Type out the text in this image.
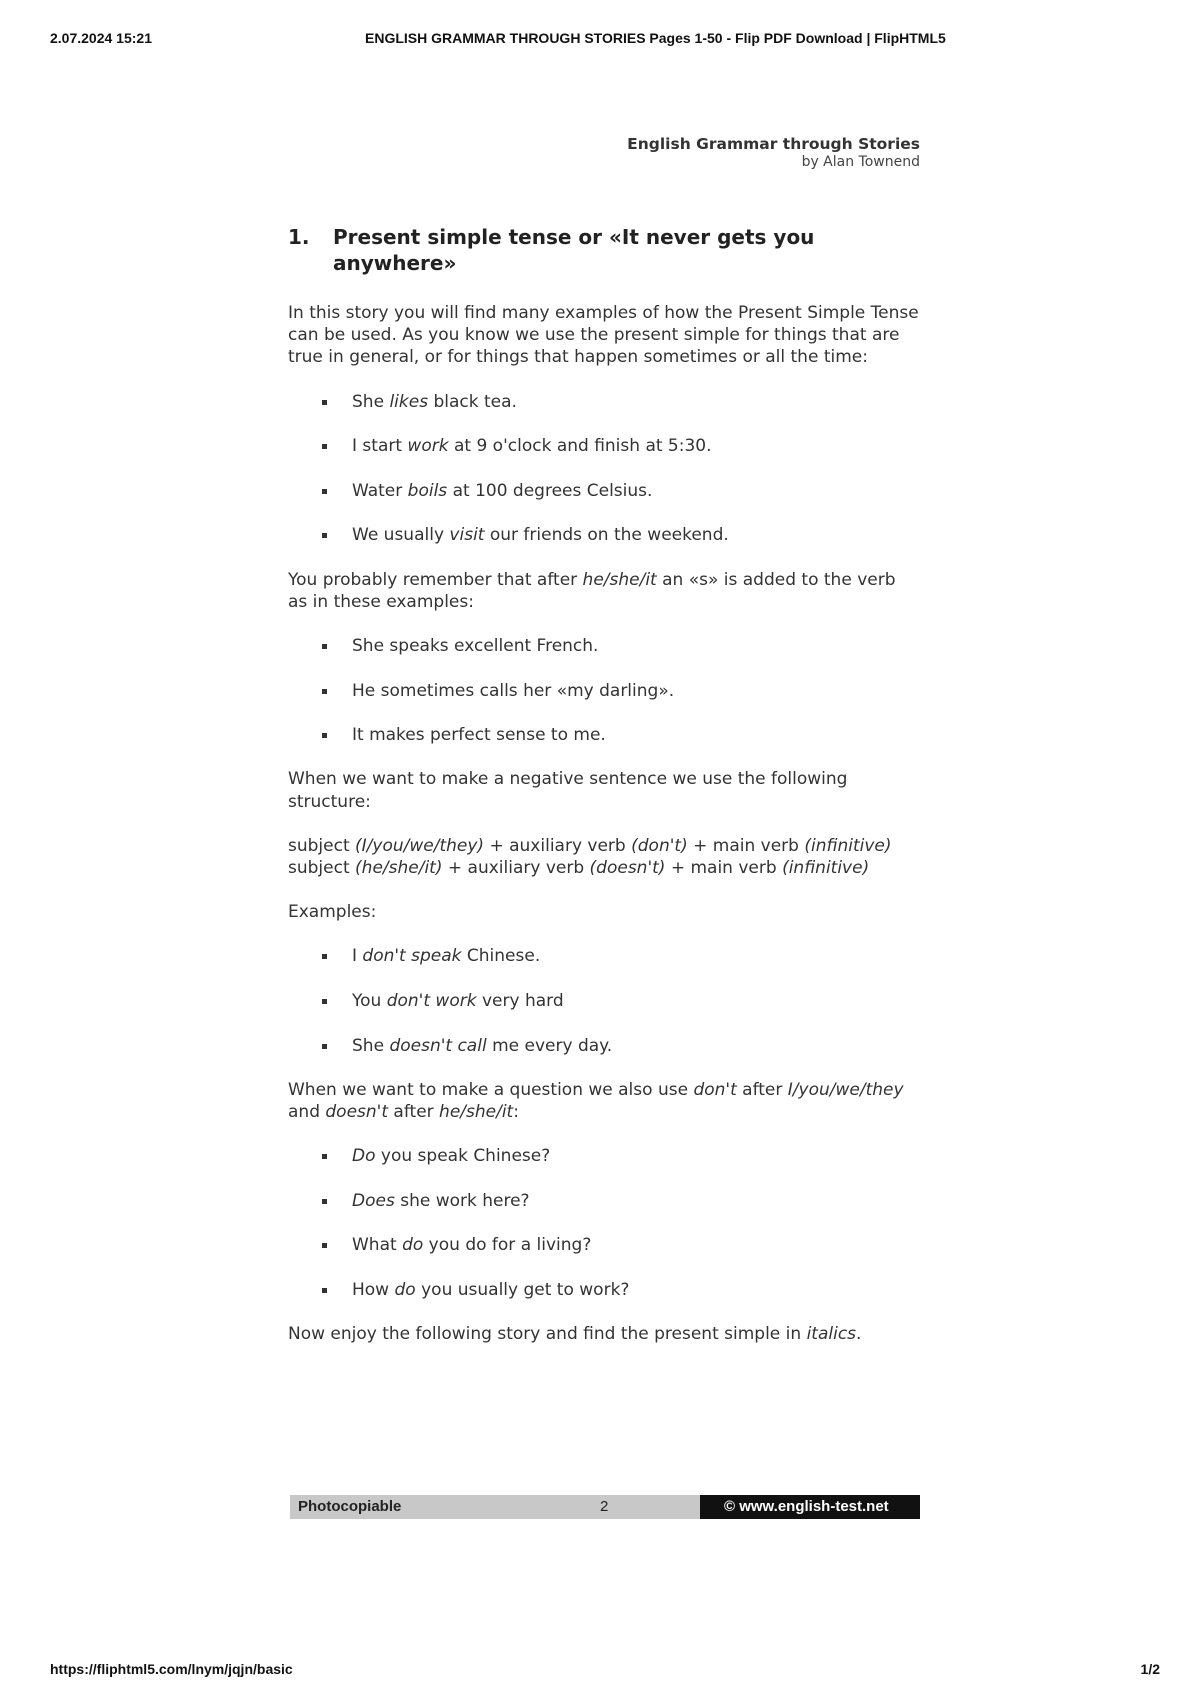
2.07.2024 15:21	ENGLISH GRAMMAR THROUGH STORIES Pages 1-50 - Flip PDF Download | FlipHTML5
English Grammar through Stories
by Alan Townend
1. Present simple tense or «It never gets you anywhere»

In this story you will find many examples of how the Present Simple Tense can be used. As you know we use the present simple for things that are true in general, or for things that happen sometimes or all the time:

She likes black tea.
I start work at 9 o'clock and finish at 5:30.
Water boils at 100 degrees Celsius.
We usually visit our friends on the weekend.

You probably remember that after he/she/it an «s» is added to the verb as in these examples:

She speaks excellent French.
He sometimes calls her «my darling».
It makes perfect sense to me.

When we want to make a negative sentence we use the following structure:

subject (I/you/we/they) + auxiliary verb (don't) + main verb (infinitive)
subject (he/she/it) + auxiliary verb (doesn't) + main verb (infinitive)

Examples:

I don't speak Chinese.
You don't work very hard
She doesn't call me every day.

When we want to make a question we also use don't after I/you/we/they and doesn't after he/she/it:

Do you speak Chinese?
Does she work here?
What do you do for a living?
How do you usually get to work?

Now enjoy the following story and find the present simple in italics.

Photocopiable	2	© www.english-test.net
https://fliphtml5.com/lnym/jqjn/basic	1/2
